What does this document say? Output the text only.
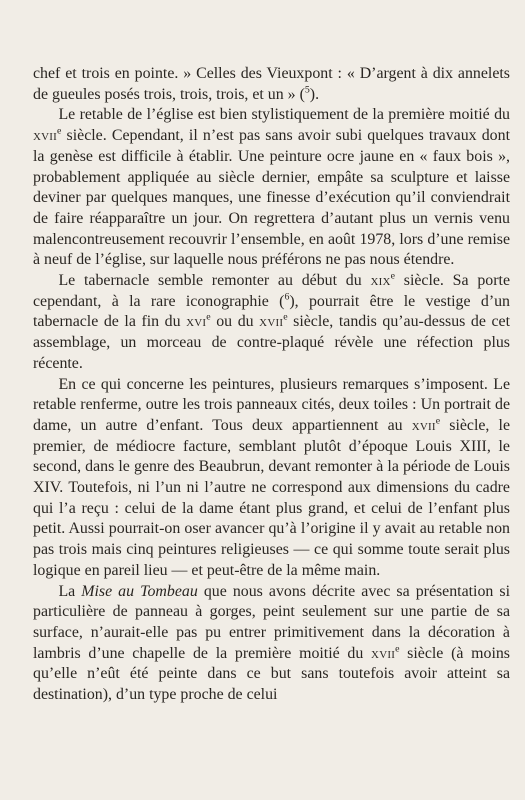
chef et trois en pointe. » Celles des Vieuxpont : « D’argent à dix annelets de gueules posés trois, trois, trois, et un » ($^5$).

Le retable de l’église est bien stylistiquement de la première moitié du xvii$^e$ siècle. Cependant, il n’est pas sans avoir subi quelques travaux dont la genèse est difficile à établir. Une peinture ocre jaune en « faux bois », probablement appliquée au siècle dernier, empâte sa sculpture et laisse deviner par quelques manques, une finesse d’exécution qu’il conviendrait de faire réapparaître un jour. On regrettera d’autant plus un vernis venu malencontreusement recouvrir l’ensemble, en août 1978, lors d’une remise à neuf de l’église, sur laquelle nous préférons ne pas nous étendre.

Le tabernacle semble remonter au début du xix$^e$ siècle. Sa porte cependant, à la rare iconographie ($^6$), pourrait être le vestige d’un tabernacle de la fin du xvi$^e$ ou du xvii$^e$ siècle, tandis qu’au-dessus de cet assemblage, un morceau de contre-plaqué révèle une réfection plus récente.

En ce qui concerne les peintures, plusieurs remarques s’imposent. Le retable renferme, outre les trois panneaux cités, deux toiles : Un portrait de dame, un autre d’enfant. Tous deux appartiennent au xvii$^e$ siècle, le premier, de médiocre facture, semblant plutôt d’époque Louis XIII, le second, dans le genre des Beaubrun, devant remonter à la période de Louis XIV. Toutefois, ni l’un ni l’autre ne correspond aux dimensions du cadre qui l’a reçu : celui de la dame étant plus grand, et celui de l’enfant plus petit. Aussi pourrait-on oser avancer qu’à l’origine il y avait au retable non pas trois mais cinq peintures religieuses — ce qui somme toute serait plus logique en pareil lieu — et peut-être de la même main.

La Mise au Tombeau que nous avons décrite avec sa présentation si particulière de panneau à gorges, peint seulement sur une partie de sa surface, n’aurait-elle pas pu entrer primitivement dans la décoration à lambris d’une chapelle de la première moitié du xvii$^e$ siècle (à moins qu’elle n’eût été peinte dans ce but sans toutefois avoir atteint sa destination), d’un type proche de celui
